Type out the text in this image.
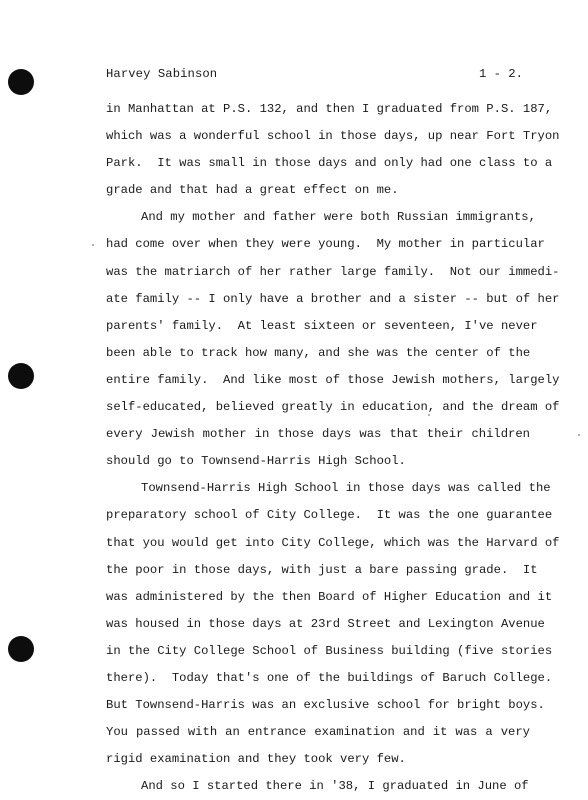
Harvey Sabinson	1 - 2.
in Manhattan at P.S. 132, and then I graduated from P.S. 187,
which was a wonderful school in those days, up near Fort Tryon
Park.  It was small in those days and only had one class to a
grade and that had a great effect on me.
And my mother and father were both Russian immigrants,
had come over when they were young.  My mother in particular
was the matriarch of her rather large family.  Not our immedi-
ate family -- I only have a brother and a sister -- but of her
parents' family.  At least sixteen or seventeen, I've never
been able to track how many, and she was the center of the
entire family.  And like most of those Jewish mothers, largely
self-educated, believed greatly in education, and the dream of
every Jewish mother in those days was that their children
should go to Townsend-Harris High School.
Townsend-Harris High School in those days was called the
preparatory school of City College.  It was the one guarantee
that you would get into City College, which was the Harvard of
the poor in those days, with just a bare passing grade.  It
was administered by the then Board of Higher Education and it
was housed in those days at 23rd Street and Lexington Avenue
in the City College School of Business building (five stories
there).  Today that's one of the buildings of Baruch College.
But Townsend-Harris was an exclusive school for bright boys.
You passed with an entrance examination and it was a very
rigid examination and they took very few.
And so I started there in '38, I graduated in June of
